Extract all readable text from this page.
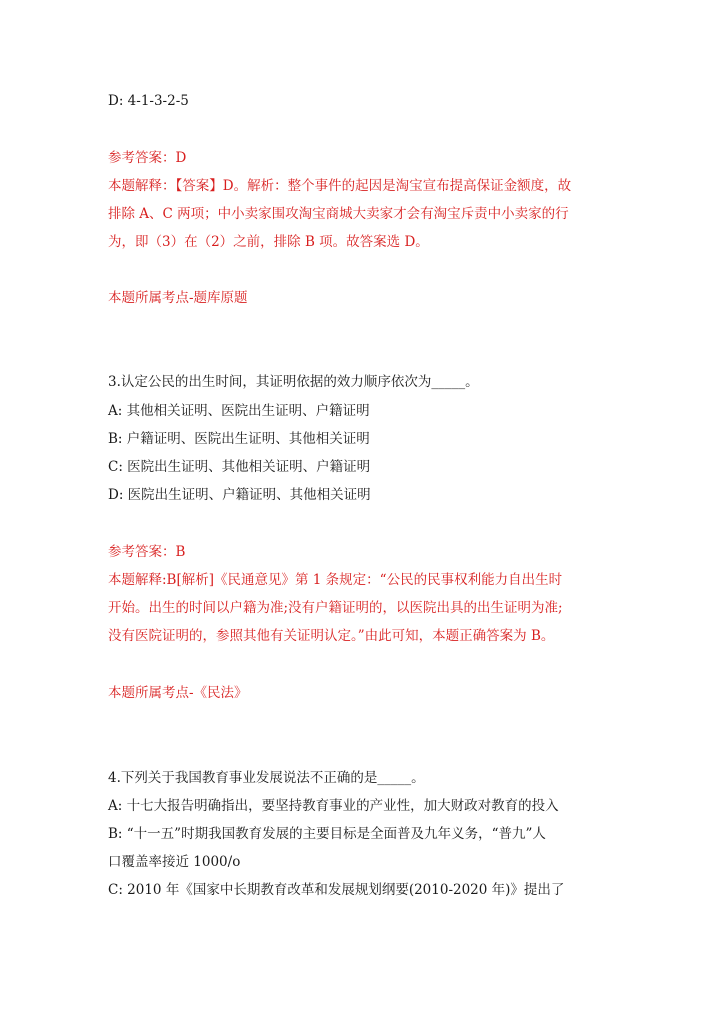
D: 4-1-3-2-5
参考答案：D
本题解释：【答案】D。解析：整个事件的起因是淘宝宣布提高保证金额度，故
排除 A、C 两项；中小卖家围攻淘宝商城大卖家才会有淘宝斥责中小卖家的行
为，即（3）在（2）之前，排除 B 项。故答案选 D。
本题所属考点-题库原题
3.认定公民的出生时间，其证明依据的效力顺序依次为_____。
A: 其他相关证明、医院出生证明、户籍证明
B: 户籍证明、医院出生证明、其他相关证明
C: 医院出生证明、其他相关证明、户籍证明
D: 医院出生证明、户籍证明、其他相关证明
参考答案：B
本题解释:B[解析]《民通意见》第 1 条规定：“公民的民事权利能力自出生时
开始。出生的时间以户籍为准;没有户籍证明的，以医院出具的出生证明为准;
没有医院证明的，参照其他有关证明认定。”由此可知，本题正确答案为 B。
本题所属考点-《民法》
4.下列关于我国教育事业发展说法不正确的是_____。
A: 十七大报告明确指出，要坚持教育事业的产业性，加大财政对教育的投入
B: “十一五”时期我国教育发展的主要目标是全面普及九年义务，“普九”人
口覆盖率接近 1000/o
C: 2010 年《国家中长期教育改革和发展规划纲要(2010-2020 年)》提出了
